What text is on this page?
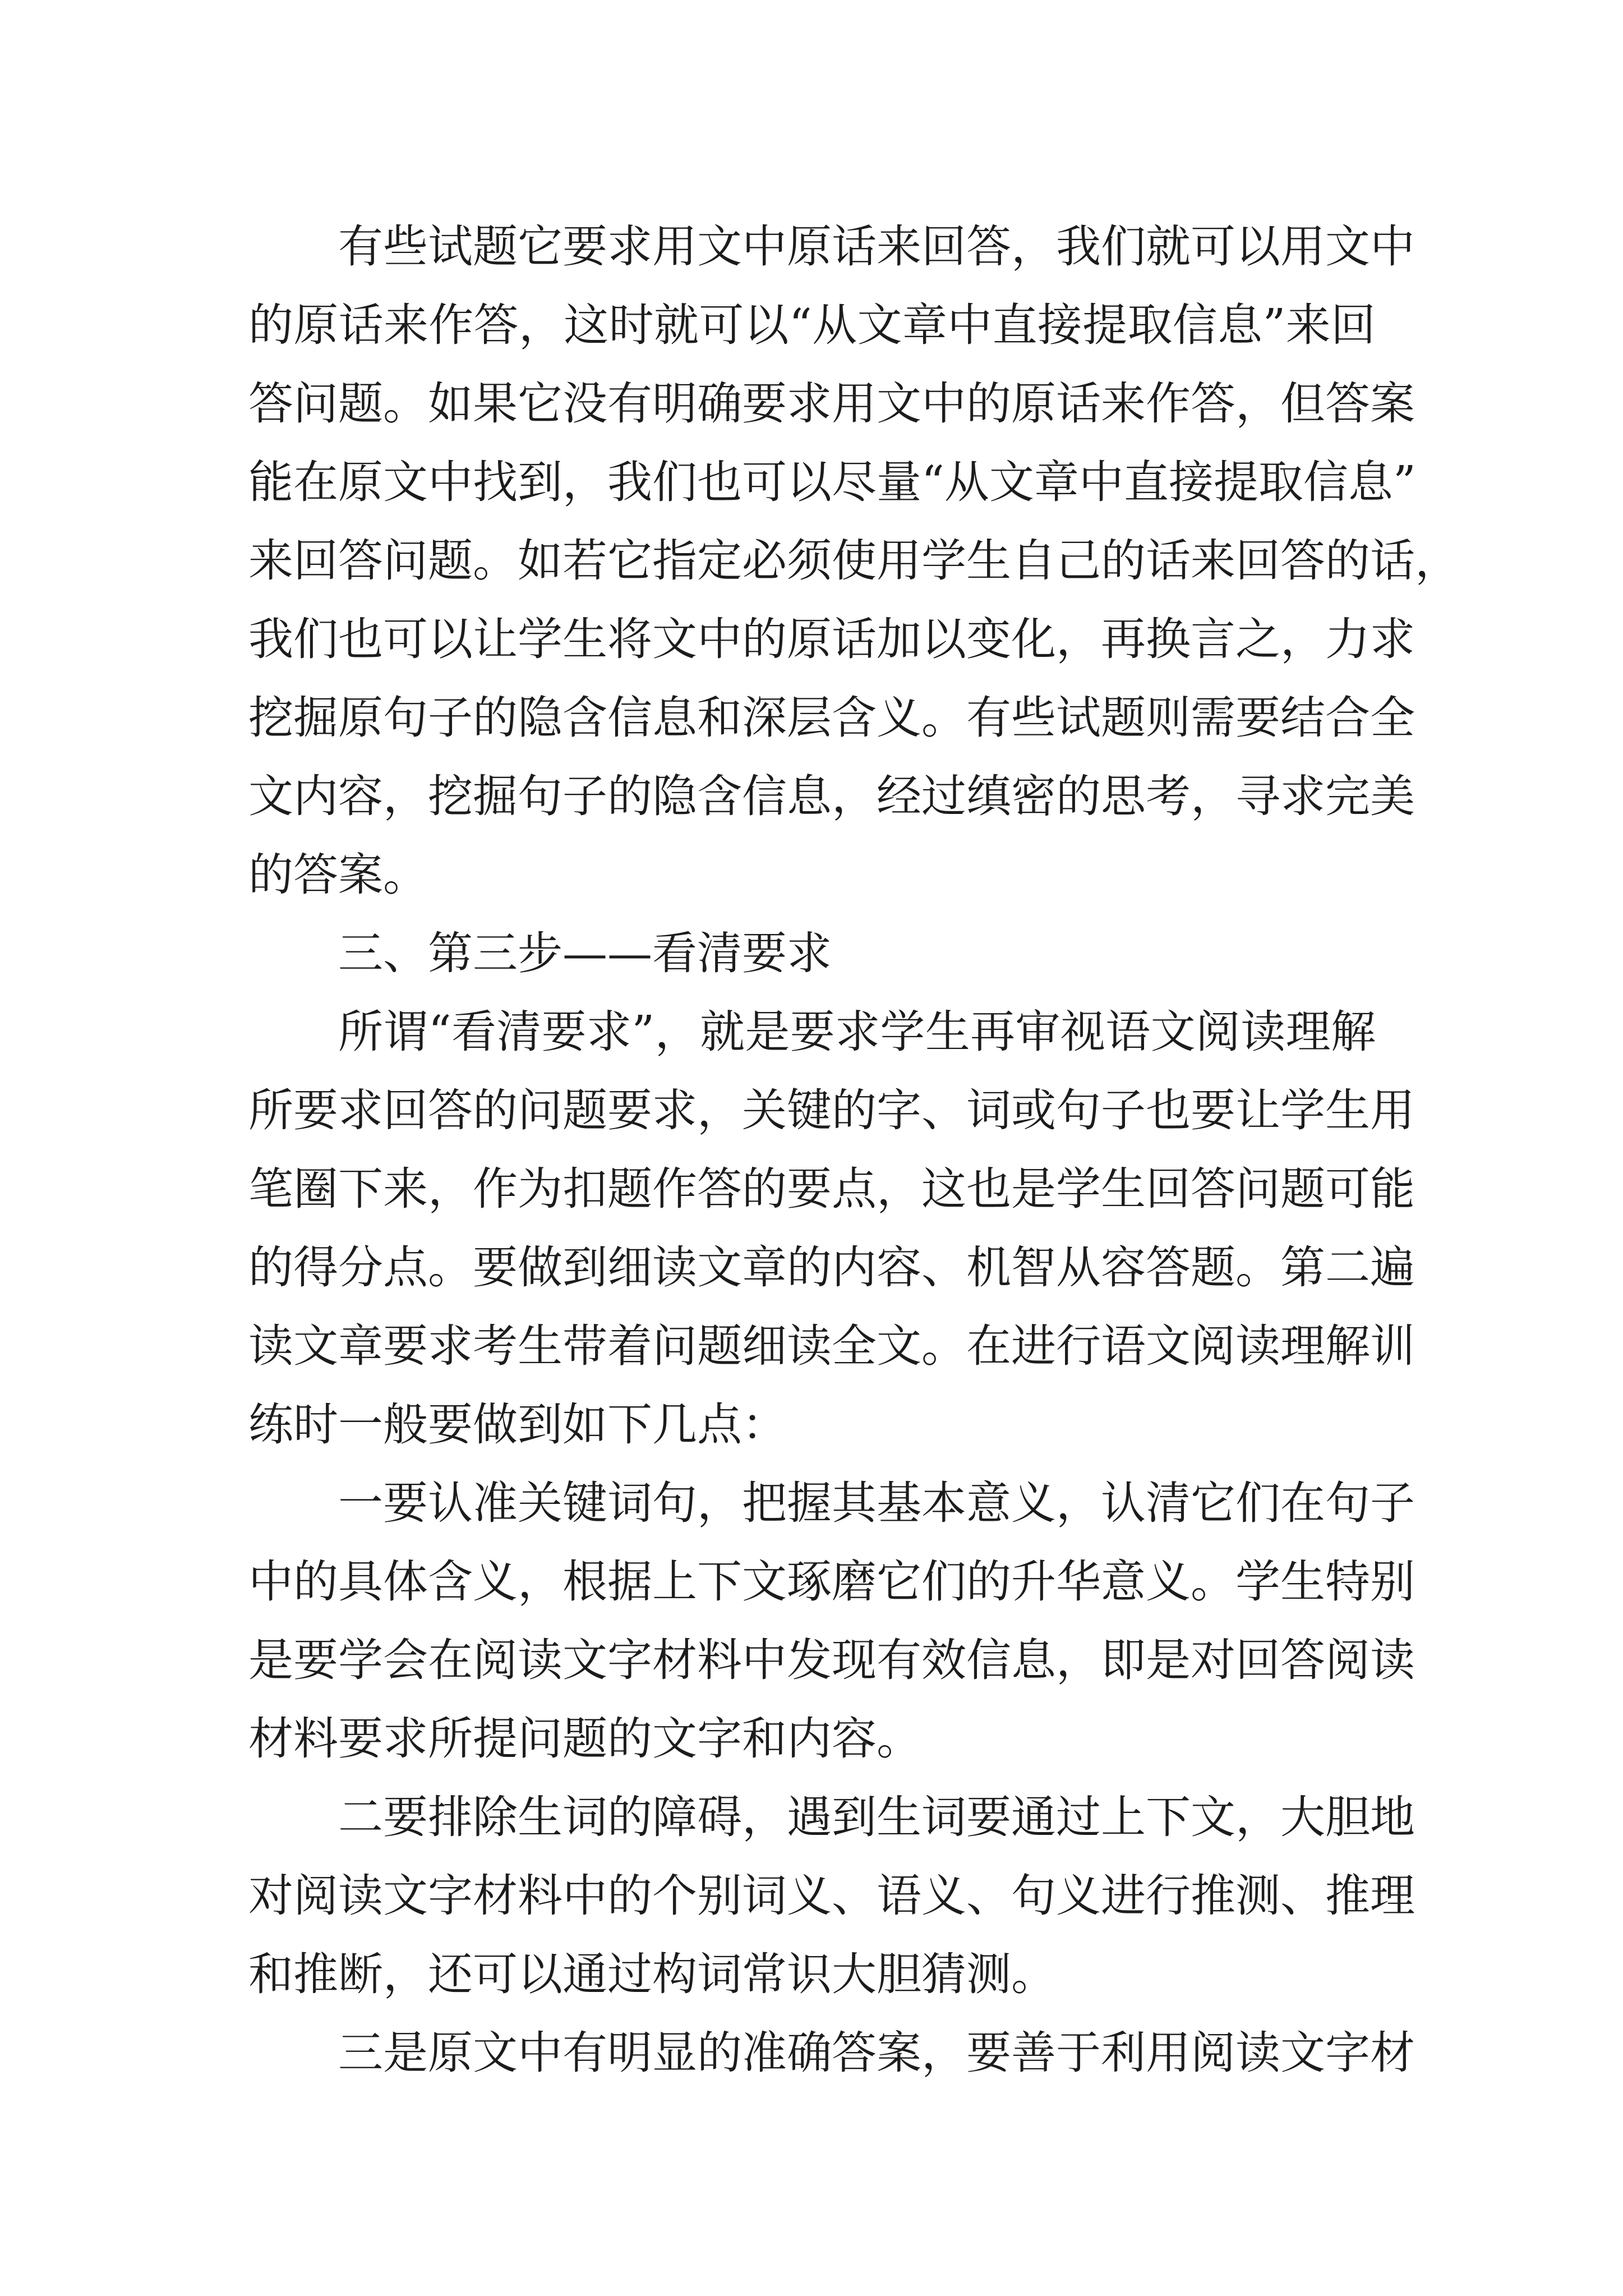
有些试题它要求用文中原话来回答，我们就可以用文中
的原话来作答，这时就可以“从文章中直接提取信息”来回
答问题。如果它没有明确要求用文中的原话来作答，但答案
能在原文中找到，我们也可以尽量“从文章中直接提取信息”
来回答问题。如若它指定必须使用学生自己的话来回答的话，
我们也可以让学生将文中的原话加以变化，再换言之，力求
挖掘原句子的隐含信息和深层含义。有些试题则需要结合全
文内容，挖掘句子的隐含信息，经过缜密的思考，寻求完美
的答案。
三、第三步——看清要求
所谓“看清要求”，就是要求学生再审视语文阅读理解
所要求回答的问题要求，关键的字、词或句子也要让学生用
笔圈下来，作为扣题作答的要点，这也是学生回答问题可能
的得分点。要做到细读文章的内容、机智从容答题。第二遍
读文章要求考生带着问题细读全文。在进行语文阅读理解训
练时一般要做到如下几点：
一要认准关键词句，把握其基本意义，认清它们在句子
中的具体含义，根据上下文琢磨它们的升华意义。学生特别
是要学会在阅读文字材料中发现有效信息，即是对回答阅读
材料要求所提问题的文字和内容。
二要排除生词的障碍，遇到生词要通过上下文，大胆地
对阅读文字材料中的个别词义、语义、句义进行推测、推理
和推断，还可以通过构词常识大胆猜测。
三是原文中有明显的准确答案，要善于利用阅读文字材
